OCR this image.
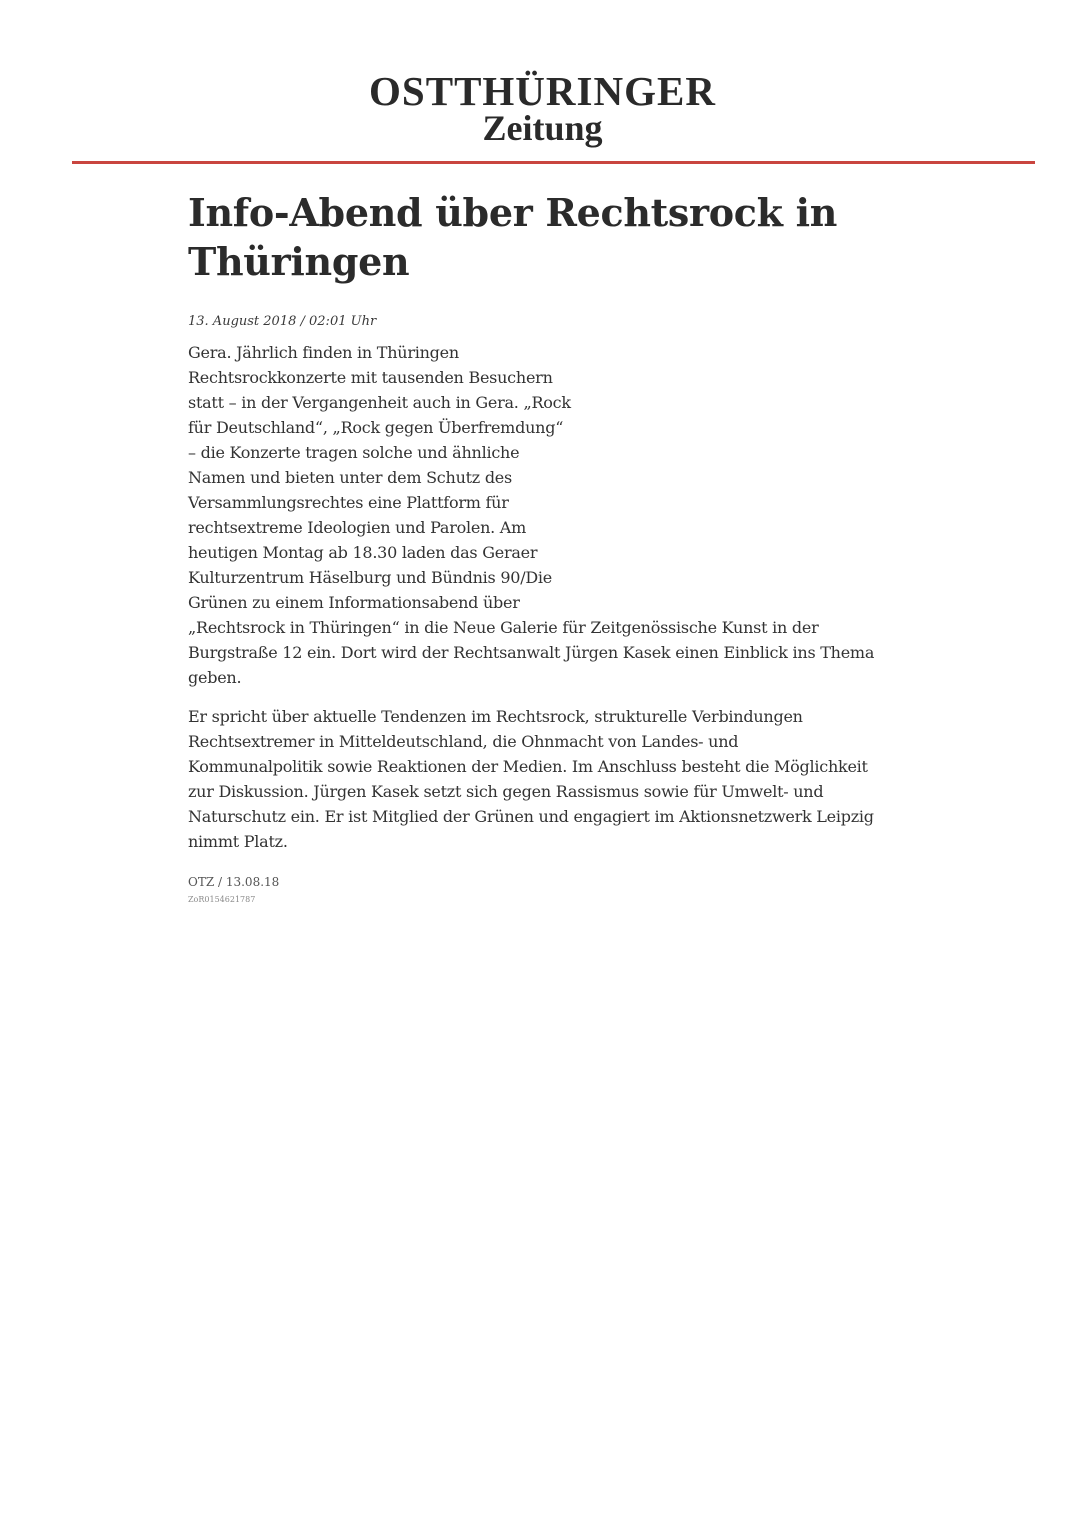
OSTTHÜRINGER
Zeitung
Info-Abend über Rechtsrock in
Thüringen
13. August 2018 / 02:01 Uhr
Gera. Jährlich finden in Thüringen
Rechtsrockkonzerte mit tausenden Besuchern
statt – in der Vergangenheit auch in Gera. „Rock
für Deutschland“, „Rock gegen Überfremdung“
– die Konzerte tragen solche und ähnliche
Namen und bieten unter dem Schutz des
Versammlungsrechtes eine Plattform für
rechtsextreme Ideologien und Parolen. Am
heutigen Montag ab 18.30 laden das Geraer
Kulturzentrum Häselburg und Bündnis 90/Die
Grünen zu einem Informationsabend über
„Rechtsrock in Thüringen“ in die Neue Galerie für Zeitgenössische Kunst in der
Burgstraße 12 ein. Dort wird der Rechtsanwalt Jürgen Kasek einen Einblick ins Thema
geben.
Er spricht über aktuelle Tendenzen im Rechtsrock, strukturelle Verbindungen
Rechtsextremer in Mitteldeutschland, die Ohnmacht von Landes- und
Kommunalpolitik sowie Reaktionen der Medien. Im Anschluss besteht die Möglichkeit
zur Diskussion. Jürgen Kasek setzt sich gegen Rassismus sowie für Umwelt- und
Naturschutz ein. Er ist Mitglied der Grünen und engagiert im Aktionsnetzwerk Leipzig
nimmt Platz.
OTZ / 13.08.18
ZoR0154621787
